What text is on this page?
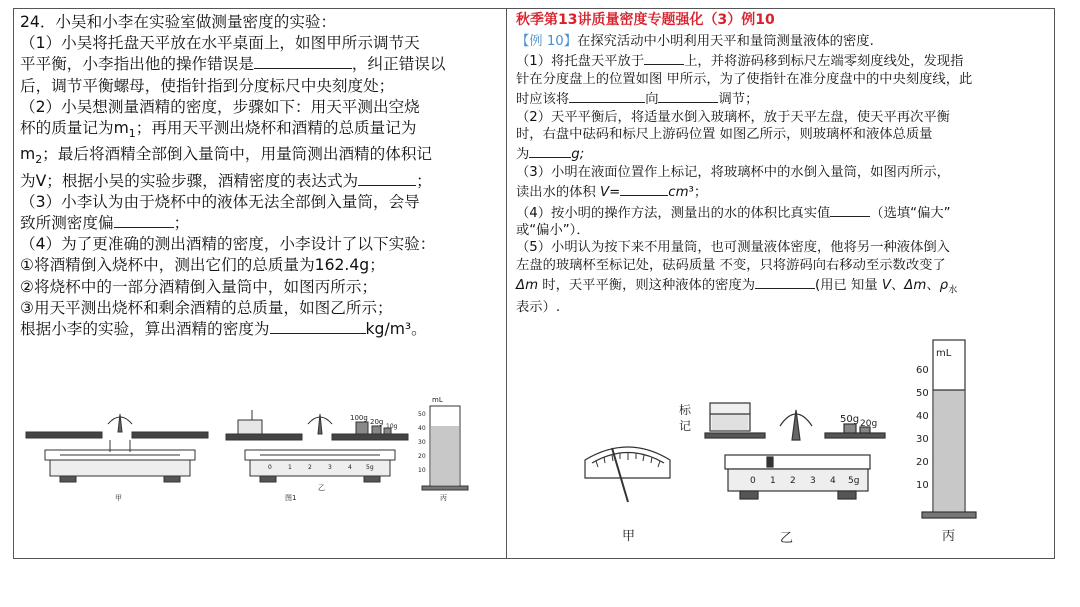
24．小吴和小李在实验室做测量密度的实验：

（1）小吴将托盘天平放在水平桌面上，如图甲所示调节天

平平衡，小李指出他的操作错误是	，纠正错误以

后，调节平衡螺母，使指针指到分度标尺中央刻度处；

（2）小吴想测量酒精的密度，步骤如下：用天平测出空烧

杯的质量记为$m_1$；再用天平测出烧杯和酒精的总质量记为

$m_2$；最后将酒精全部倒入量筒中，用量筒测出酒精的体积记

为V；根据小吴的实验步骤，酒精密度的表达式为	；

（3）小李认为由于烧杯中的液体无法全部倒入量筒，会导

致所测密度偏	；

（4）为了更准确的测出酒精的密度，小李设计了以下实验：

①将酒精倒入烧杯中，测出它们的总质量为162.4g；

②将烧杯中的一部分酒精倒入量筒中，如图丙所示；

③用天平测出烧杯和剩余酒精的总质量，如图乙所示；

根据小李的实验，算出酒精的密度为	kg/m³。

甲
100g 20g
10g
0	1	2	3	4 5g
图1
乙
mL
50
40
30
20
10
丙

秋季第13讲质量密度专题强化（3）例10

【例 10】在探究活动中小明利用天平和量筒测量液体的密度.

（1）将托盘天平放于	上，并将游码移到标尺左端零刻度线处，发现指

针在分度盘上的位置如图 甲所示，为了使指针在准分度盘中的中央刻度线，此

时应该将	向	调节；

（2）天平平衡后，将适量水倒入玻璃杯，放于天平左盘，使天平再次平衡

时，右盘中砝码和标尺上游码位置 如图乙所示，则玻璃杯和液体总质量

为	g;

（3）小明在液面位置作上标记，将玻璃杯中的水倒入量筒，如图丙所示，

读出水的体积 V=	cm³；

（4）按小明的操作方法，测量出的水的体积比真实值	（选填“偏大”

或“偏小”）．

（5）小明认为按下来不用量筒，也可测量液体密度，他将另一种液体倒入

左盘的玻璃杯至标记处，砝码质量 不变，只将游码向右移动至示数改变了

Δm 时，天平平衡，则这种液体的密度为	(用已 知量 V、Δm、$\rho_水$

表示）.

甲
标
记	50g 20g
0 1 2 3 4 5g
乙
mL
60
50
40
30
20
10
丙
